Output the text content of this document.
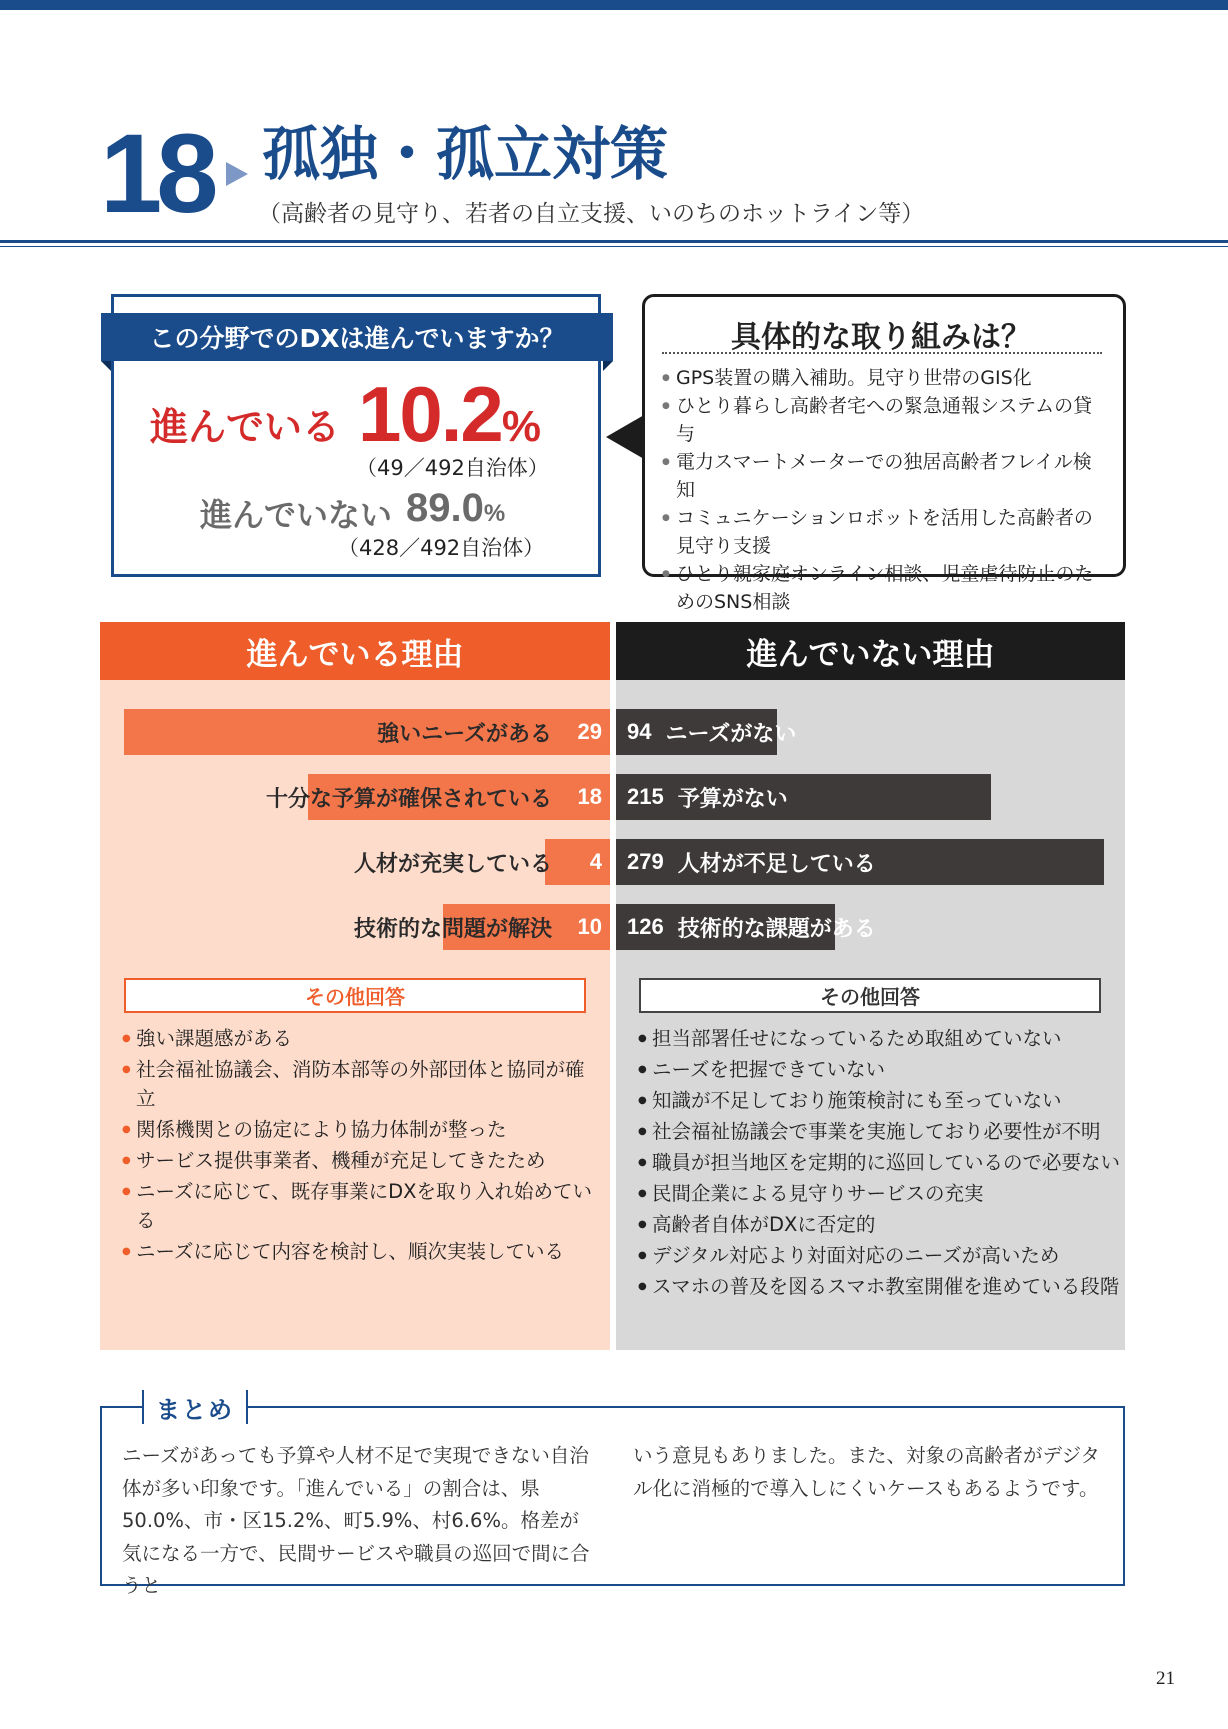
18 孤独・孤立対策
（高齢者の見守り、若者の自立支援、いのちのホットライン等）
この分野でのDXは進んでいますか？
進んでいる 10.2%
（49／492自治体）
進んでいない 89.0%
（428／492自治体）
具体的な取り組みは？
● GPS装置の購入補助。見守り世帯のGIS化
● ひとり暮らし高齢者宅への緊急通報システムの貸与
● 電力スマートメーターでの独居高齢者フレイル検知
● コミュニケーションロボットを活用した高齢者の見守り支援
● ひとり親家庭オンライン相談、児童虐待防止のためのSNS相談
進んでいる理由	進んでいない理由
強いニーズがある	29
十分な予算が確保されている	18
人材が充実している	4
技術的な問題が解決	10
94 ニーズがない
215 予算がない
279 人材が不足している
126 技術的な課題がある
その他回答	その他回答
● 強い課題感がある
● 社会福祉協議会、消防本部等の外部団体と協同が確立
● 関係機関との協定により協力体制が整った
● サービス提供事業者、機種が充足してきたため
● ニーズに応じて、既存事業にDXを取り入れ始めている
● ニーズに応じて内容を検討し、順次実装している
● 担当部署任せになっているため取組めていない
● ニーズを把握できていない
● 知識が不足しており施策検討にも至っていない
● 社会福祉協議会で事業を実施しており必要性が不明
● 職員が担当地区を定期的に巡回しているので必要ない
● 民間企業による見守りサービスの充実
● 高齢者自体がDXに否定的
● デジタル対応より対面対応のニーズが高いため
● スマホの普及を図るスマホ教室開催を進めている段階
まとめ
ニーズがあっても予算や人材不足で実現できない自治体が多い印象です。「進んでいる」の割合は、県50.0%、市・区15.2%、町5.9%、村6.6%。格差が気になる一方で、民間サービスや職員の巡回で間に合うと
いう意見もありました。また、対象の高齢者がデジタル化に消極的で導入しにくいケースもあるようです。
21
